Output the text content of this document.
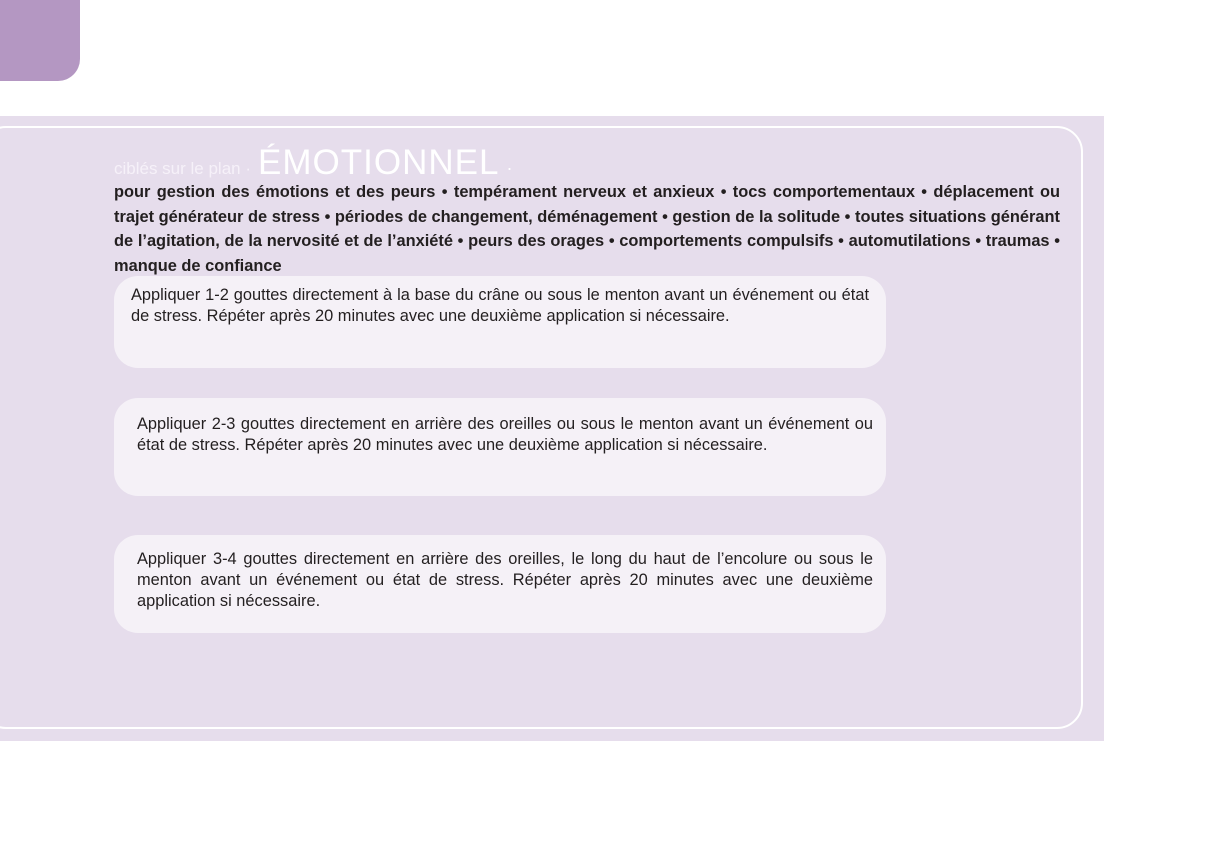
ciblés sur le plan · ÉMOTIONNEL ·

pour gestion des émotions et des peurs • tempérament nerveux et anxieux • tocs comportementaux • déplacement ou trajet générateur de stress • périodes de changement, déménagement • gestion de la solitude • toutes situations générant de l’agitation, de la nervosité et de l’anxiété • peurs des orages • comportements compulsifs • automutilations • traumas • manque de confiance

Appliquer 1-2 gouttes directement à la base du crâne ou sous le menton avant un événement ou état de stress. Répéter après 20 minutes avec une deuxième application si nécessaire.

Appliquer 2-3 gouttes directement en arrière des oreilles ou sous le menton avant un événement ou état de stress. Répéter après 20 minutes avec une deuxième application si nécessaire.

Appliquer 3-4 gouttes directement en arrière des oreilles, le long du haut de l’encolure ou sous le menton avant un événement ou état de stress. Répéter après 20 minutes avec une deuxième application si nécessaire.
